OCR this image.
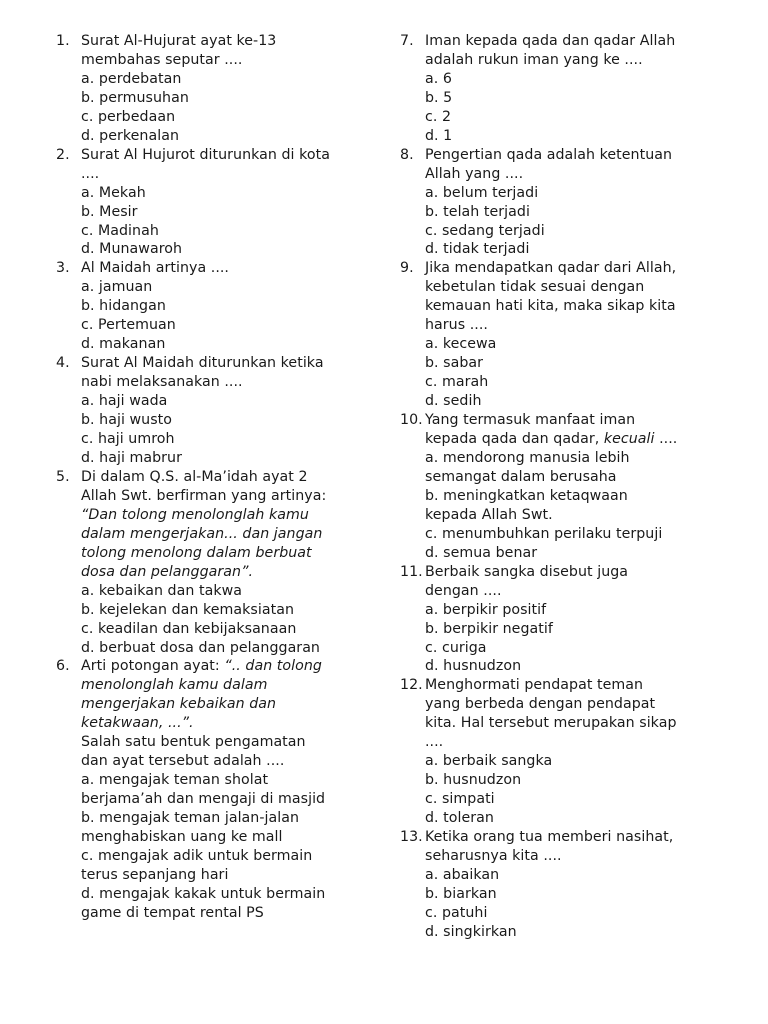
1. Surat Al-Hujurat ayat ke-13
membahas seputar ....
a. perdebatan
b. permusuhan
c. perbedaan
d. perkenalan
2. Surat Al Hujurot diturunkan di kota
....
a. Mekah
b. Mesir
c. Madinah
d. Munawaroh
3. Al Maidah artinya ....
a. jamuan
b. hidangan
c. Pertemuan
d. makanan
4. Surat Al Maidah diturunkan ketika
nabi melaksanakan ....
a. haji wada
b. haji wusto
c. haji umroh
d. haji mabrur
5. Di dalam Q.S. al-Ma’idah ayat 2
Allah Swt. berfirman yang artinya:
“Dan tolong menolonglah kamu
dalam mengerjakan... dan jangan
tolong menolong dalam berbuat
dosa dan pelanggaran”.
a. kebaikan dan takwa
b. kejelekan dan kemaksiatan
c. keadilan dan kebijaksanaan
d. berbuat dosa dan pelanggaran
6. Arti potongan ayat: “.. dan tolong
menolonglah kamu dalam
mengerjakan kebaikan dan
ketakwaan, ...”.
Salah satu bentuk pengamatan
dan ayat tersebut adalah ....
a. mengajak teman sholat
berjama’ah dan mengaji di masjid
b. mengajak teman jalan-jalan
menghabiskan uang ke mall
c. mengajak adik untuk bermain
terus sepanjang hari
d. mengajak kakak untuk bermain
game di tempat rental PS
7. Iman kepada qada dan qadar Allah
adalah rukun iman yang ke ....
a. 6
b. 5
c. 2
d. 1
8. Pengertian qada adalah ketentuan
Allah yang ....
a. belum terjadi
b. telah terjadi
c. sedang terjadi
d. tidak terjadi
9. Jika mendapatkan qadar dari Allah,
kebetulan tidak sesuai dengan
kemauan hati kita, maka sikap kita
harus ....
a. kecewa
b. sabar
c. marah
d. sedih
10. Yang termasuk manfaat iman
kepada qada dan qadar, kecuali ....
a. mendorong manusia lebih
semangat dalam berusaha
b. meningkatkan ketaqwaan
kepada Allah Swt.
c. menumbuhkan perilaku terpuji
d. semua benar
11. Berbaik sangka disebut juga
dengan ....
a. berpikir positif
b. berpikir negatif
c. curiga
d. husnudzon
12. Menghormati pendapat teman
yang berbeda dengan pendapat
kita. Hal tersebut merupakan sikap
....
a. berbaik sangka
b. husnudzon
c. simpati
d. toleran
13. Ketika orang tua memberi nasihat,
seharusnya kita ....
a. abaikan
b. biarkan
c. patuhi
d. singkirkan
